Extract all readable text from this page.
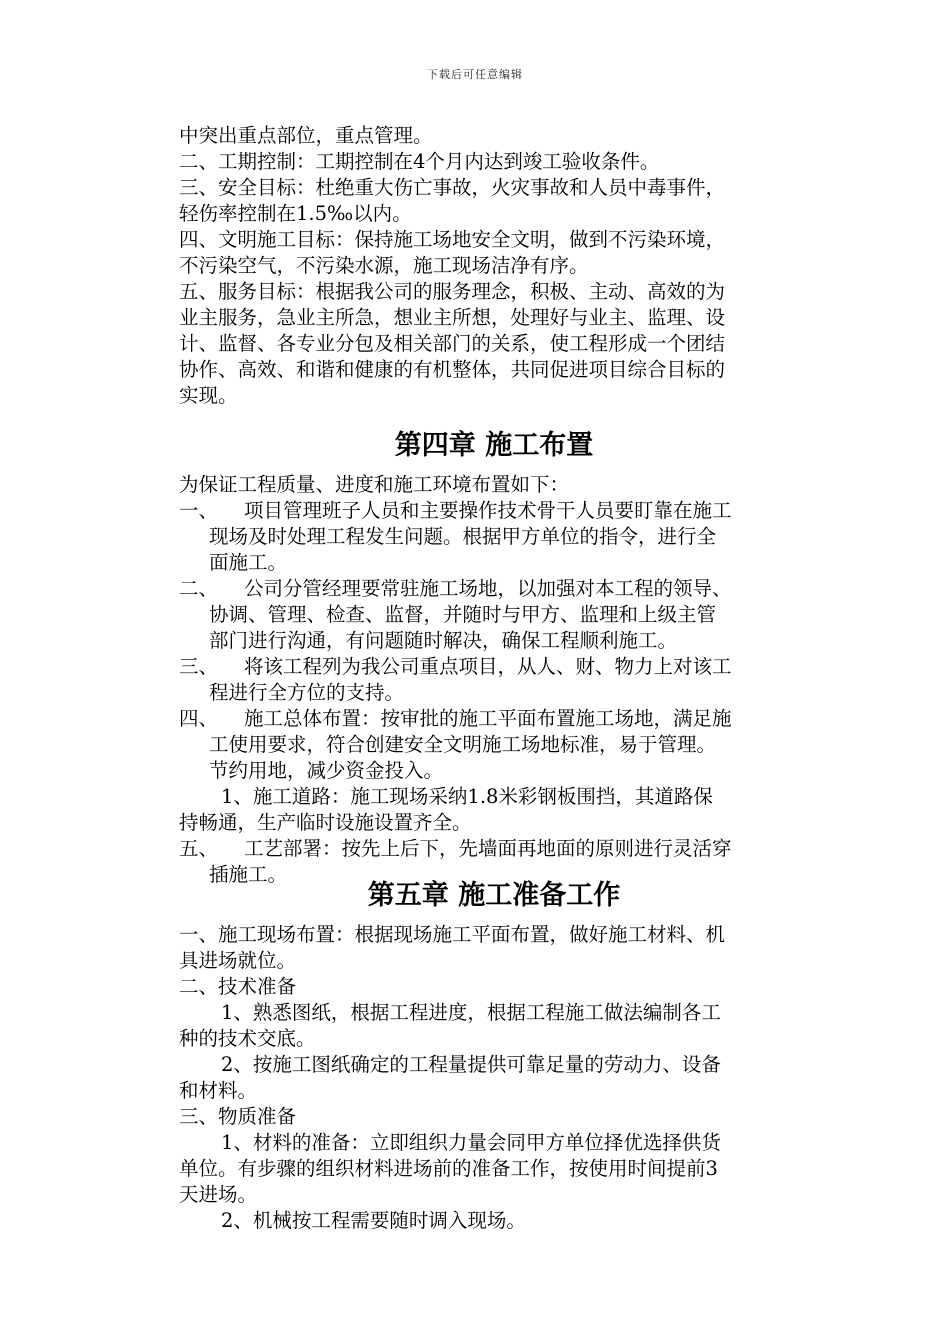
下载后可任意编辑
中突出重点部位，重点管理。
二、工期控制：工期控制在4个月内达到竣工验收条件。
三、安全目标：杜绝重大伤亡事故，火灾事故和人员中毒事件，
轻伤率控制在1.5‰以内。
四、文明施工目标：保持施工场地安全文明，做到不污染环境，
不污染空气，不污染水源，施工现场洁净有序。
五、服务目标：根据我公司的服务理念，积极、主动、高效的为
业主服务，急业主所急，想业主所想，处理好与业主、监理、设
计、监督、各专业分包及相关部门的关系，使工程形成一个团结
协作、高效、和谐和健康的有机整体，共同促进项目综合目标的
实现。
第四章 施工布置
为保证工程质量、进度和施工环境布置如下：
一、	项目管理班子人员和主要操作技术骨干人员要盯靠在施工
现场及时处理工程发生问题。根据甲方单位的指令，进行全
面施工。
二、	公司分管经理要常驻施工场地，以加强对本工程的领导、
协调、管理、检查、监督，并随时与甲方、监理和上级主管
部门进行沟通，有问题随时解决，确保工程顺利施工。
三、	将该工程列为我公司重点项目，从人、财、物力上对该工
程进行全方位的支持。
四、	施工总体布置：按审批的施工平面布置施工场地，满足施
工使用要求，符合创建安全文明施工场地标准，易于管理。
节约用地，减少资金投入。
1、施工道路：施工现场采纳1.8米彩钢板围挡，其道路保
持畅通，生产临时设施设置齐全。
五、	工艺部署：按先上后下，先墙面再地面的原则进行灵活穿
插施工。
第五章 施工准备工作
一、施工现场布置：根据现场施工平面布置，做好施工材料、机
具进场就位。
二、技术准备
1、熟悉图纸，根据工程进度，根据工程施工做法编制各工
种的技术交底。
2、按施工图纸确定的工程量提供可靠足量的劳动力、设备
和材料。
三、物质准备
1、材料的准备：立即组织力量会同甲方单位择优选择供货
单位。有步骤的组织材料进场前的准备工作，按使用时间提前3
天进场。
2、机械按工程需要随时调入现场。
